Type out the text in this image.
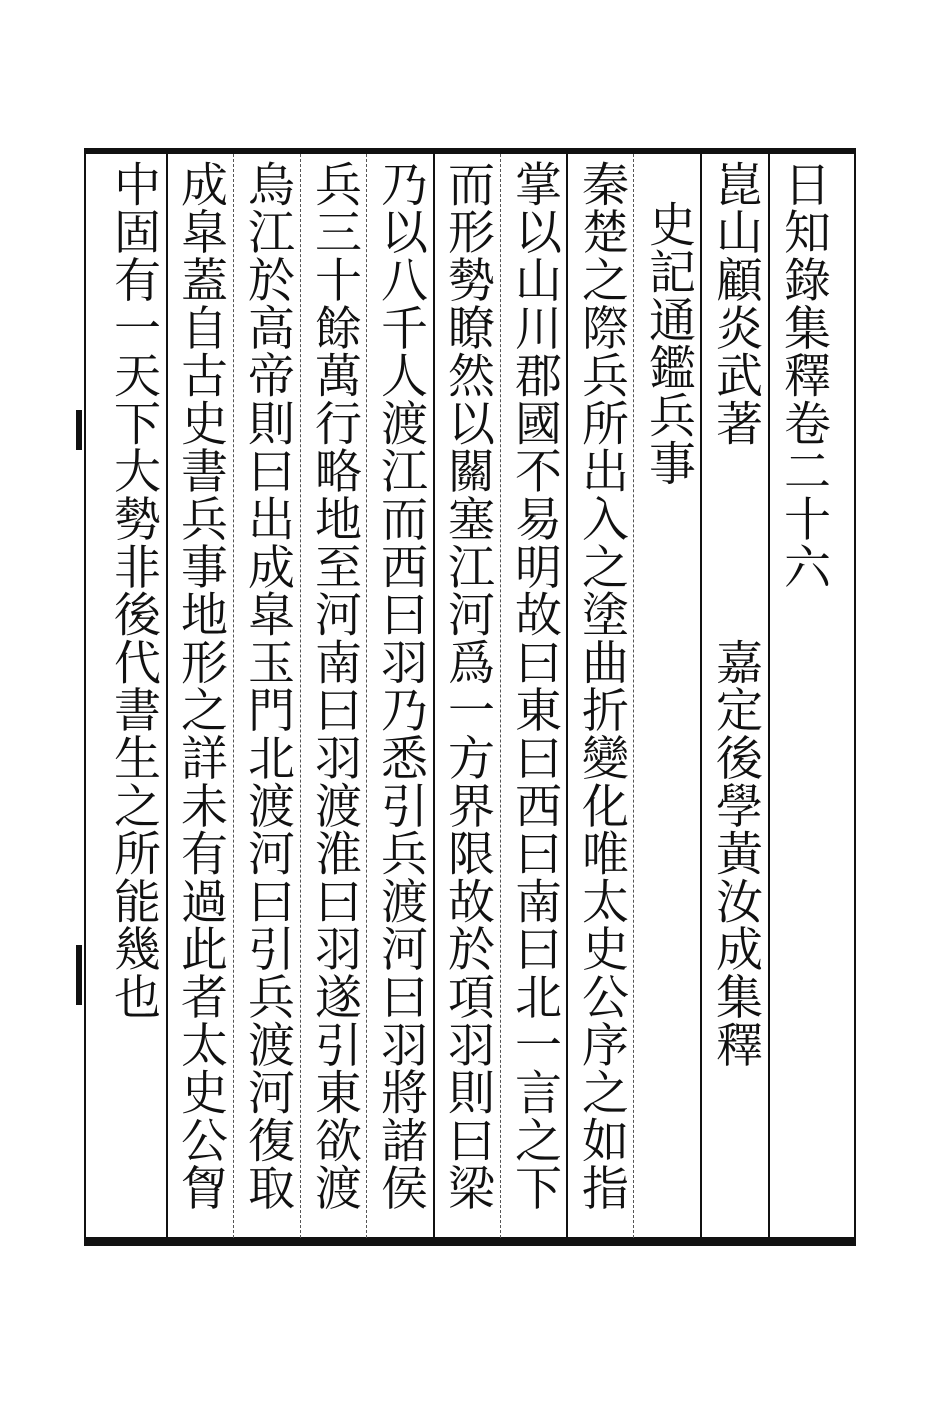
日知錄集釋卷二十六
崑山顧炎武著　　　　嘉定後學黃汝成集釋
史記通鑑兵事
秦楚之際兵所出入之塗曲折變化唯太史公序之如指
掌以山川郡國不易明故曰東曰西曰南曰北一言之下
而形勢瞭然以關塞江河爲一方界限故於項羽則曰梁
乃以八千人渡江而西曰羽乃悉引兵渡河曰羽將諸侯
兵三十餘萬行略地至河南曰羽渡淮曰羽遂引東欲渡
烏江於高帝則曰出成皐玉門北渡河曰引兵渡河復取
成皐蓋自古史書兵事地形之詳未有過此者太史公胷
中固有一天下大勢非後代書生之所能幾也
